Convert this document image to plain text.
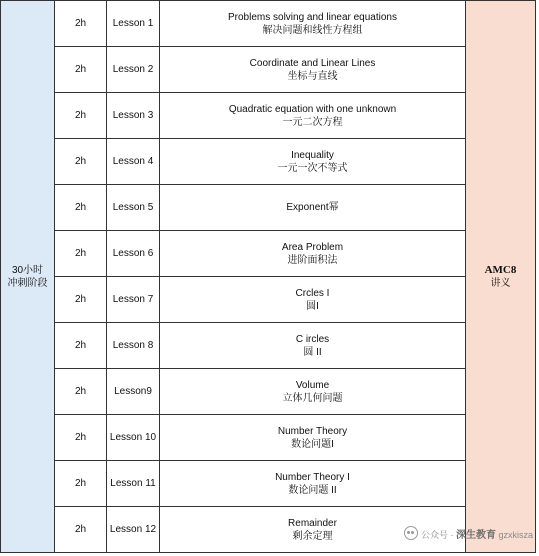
30小时
冲刺阶段
AMC8
讲义
2h	Lesson 1
Problems solving and linear equations
解决问题和线性方程组
2h	Lesson 2
Coordinate and Linear Lines
坐标与直线
2h	Lesson 3
Quadratic equation with one unknown
一元二次方程
2h	Lesson 4
Inequality
一元一次不等式
2h	Lesson 5	Exponent幂
2h	Lesson 6
Area Problem
进阶面积法
2h	Lesson 7
Crcles I
圆I
2h	Lesson 8
C ircles
圆 II
2h	Lesson9
Volume
立体几何问题
2h Lesson 10
Number Theory
数论问题I
2h Lesson 11
Number Theory I
数论问题 II
2h Lesson 12
Remainder
剩余定理	公众号 · 深生教育 gzxkisza
